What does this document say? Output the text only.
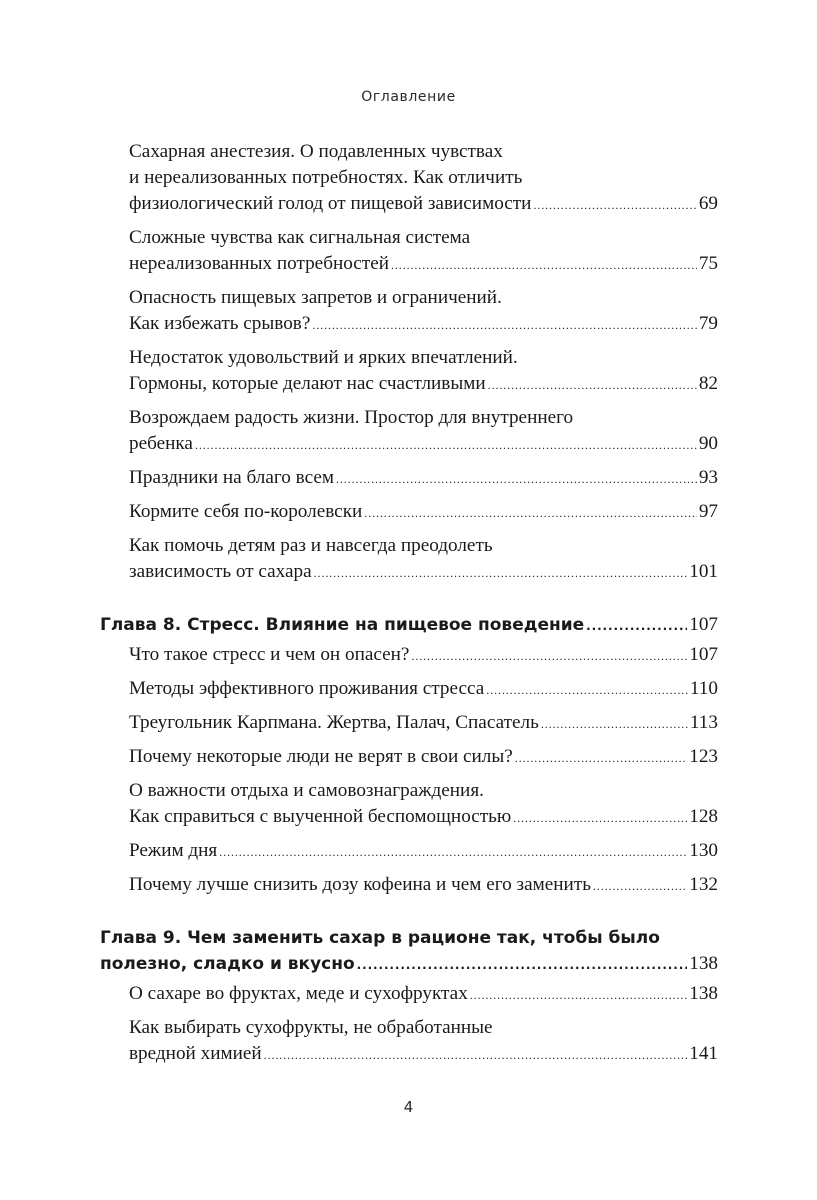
Оглавление
Сахарная анестезия. О подавленных чувствах
и нереализованных потребностях. Как отличить
физиологический голод от пищевой зависимости .....	69
Сложные чувства как сигнальная система
нереализованных потребностей .....	75
Опасность пищевых запретов и ограничений.
Как избежать срывов? .....	79
Недостаток удовольствий и ярких впечатлений.
Гормоны, которые делают нас счастливыми .....	82
Возрождаем радость жизни. Простор для внутреннего
ребенка .....	90
Праздники на благо всем .....	93
Кормите себя по-королевски .....	97
Как помочь детям раз и навсегда преодолеть
зависимость от сахара .....	101
Глава 8. Стресс. Влияние на пищевое поведение .....	107
Что такое стресс и чем он опасен? .....	107
Методы эффективного проживания стресса .....	110
Треугольник Карпмана. Жертва, Палач, Спасатель .....	113
Почему некоторые люди не верят в свои силы? .....	123
О важности отдыха и самовознаграждения.
Как справиться с выученной беспомощностью .....	128
Режим дня .....	130
Почему лучше снизить дозу кофеина и чем его заменить .....	132
Глава 9. Чем заменить сахар в рационе так, чтобы было
полезно, сладко и вкусно .....	138
О сахаре во фруктах, меде и сухофруктах .....	138
Как выбирать сухофрукты, не обработанные
вредной химией .....	141
4
